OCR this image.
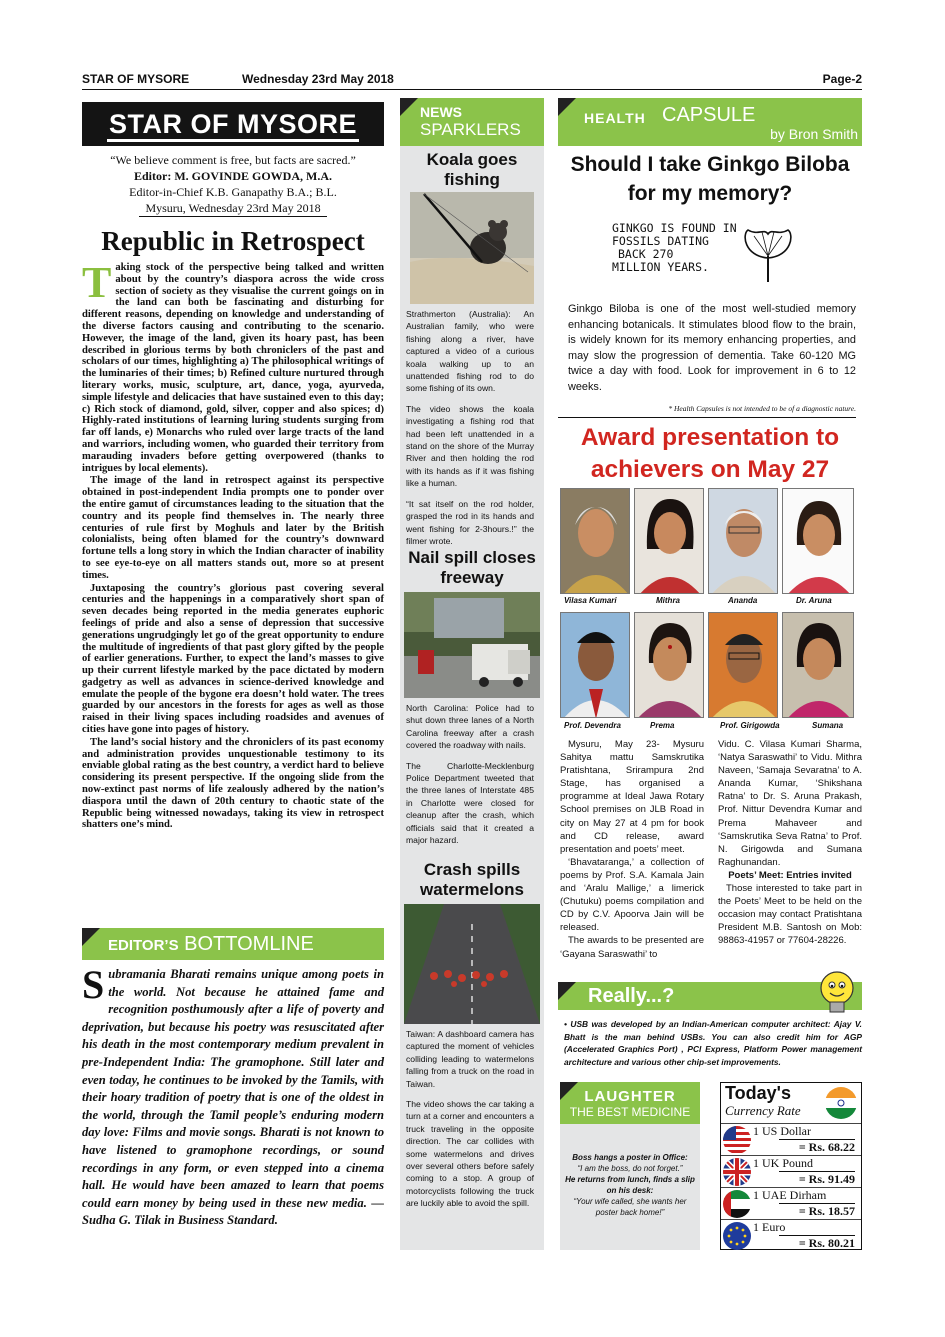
STAR OF MYSORE	Wednesday 23rd May 2018	Page-2
STAR OF MYSORE
“We believe comment is free, but facts are sacred.”
Editor: M. GOVINDE GOWDA, M.A.
Editor-in-Chief K.B. Ganapathy B.A.; B.L.
Mysuru, Wednesday 23rd May 2018
Republic in Retrospect

Taking stock of the perspective being talked and written about by the country’s diaspora across the wide cross section of society as they visualise the current goings on in the land can both be fascinating and disturbing for different reasons, depending on knowledge and understanding of the diverse factors causing and contributing to the scenario. However, the image of the land, given its hoary past, has been described in glorious terms by both chroniclers of the past and scholars of our times, highlighting a) The philosophical writings of the luminaries of their times; b) Refined culture nurtured through literary works, music, sculpture, art, dance, yoga, ayurveda, simple lifestyle and delicacies that have sustained even to this day; c) Rich stock of diamond, gold, silver, copper and also spices; d) Highly-rated institutions of learning luring students surging from far off lands, e) Monarchs who ruled over large tracts of the land and warriors, including women, who guarded their territory from marauding invaders before getting overpowered (thanks to intrigues by local elements).

The image of the land in retrospect against its perspective obtained in post-independent India prompts one to ponder over the entire gamut of circumstances leading to the situation that the country and its people find themselves in. The nearly three centuries of rule first by Moghuls and later by the British colonialists, being often blamed for the country’s downward fortune tells a long story in which the Indian character of inability to see eye-to-eye on all matters stands out, more so at present times.

Juxtaposing the country’s glorious past covering several centuries and the happenings in a comparatively short span of seven decades being reported in the media generates euphoric feelings of pride and also a sense of depression that successive generations ungrudgingly let go of the great opportunity to endure the multitude of ingredients of that past glory gifted by the people of earlier generations. Further, to expect the land’s masses to give up their current lifestyle marked by the pace dictated by modern gadgetry as well as advances in science-derived knowledge and emulate the people of the bygone era doesn’t hold water. The trees guarded by our ancestors in the forests for ages as well as those raised in their living spaces including roadsides and avenues of cities have gone into pages of history.

The land’s social history and the chroniclers of its past economy and administration provides unquestionable testimony to its enviable global rating as the best country, a verdict hard to believe considering its present perspective. If the ongoing slide from the now-extinct past norms of life zealously adhered by the nation’s diaspora until the dawn of 20th century to chaotic state of the Republic being witnessed nowadays, taking its view in retrospect shatters one’s mind.

EDITOR’S BOTTOMLINE
Subramania Bharati remains unique among poets in the world. Not because he attained fame and recognition posthumously after a life of poverty and deprivation, but because his poetry was resuscitated after his death in the most contemporary medium prevalent in pre-Independent India: The gramophone. Still later and even today, he continues to be invoked by the Tamils, with their hoary tradition of poetry that is one of the oldest in the world, through the Tamil people’s enduring modern day love: Films and movie songs. Bharati is not known to have listened to gramophone recordings, or sound recordings in any form, or even stepped into a cinema hall. He would have been amazed to learn that poems could earn money by being used in these new media. — Sudha G. Tilak in Business Standard.
NEWS
SPARKLERS
Koala goes fishing

Strathmerton (Australia): An Australian family, who were fishing along a river, have captured a video of a curious koala walking up to an unattended fishing rod to do some fishing of its own.

The video shows the koala investigating a fishing rod that had been left unattended in a stand on the shore of the Murray River and then holding the rod with its hands as if it was fishing like a human.

“It sat itself on the rod holder, grasped the rod in its hands and went fishing for 2-3hours.!” the filmer wrote.

Nail spill closes freeway

North Carolina: Police had to shut down three lanes of a North Carolina freeway after a crash covered the roadway with nails.

The Charlotte-Mecklenburg Police Department tweeted that the three lanes of Interstate 485 in Charlotte were closed for cleanup after the crash, which officials said that it created a major hazard.

Crash spills watermelons

Taiwan: A dashboard camera has captured the moment of vehicles colliding leading to watermelons falling from a truck on the road in Taiwan.

The video shows the car taking a turn at a corner and encounters a truck traveling in the opposite direction. The car collides with some watermelons and drives over several others before safely coming to a stop. A group of motorcyclists following the truck are luckily able to avoid the spill.

HEALTH CAPSULE
by Bron Smith
Should I take Ginkgo Biloba for my memory?
GINKGO IS FOUND IN
FOSSILS DATING
BACK 270
MILLION YEARS.
Ginkgo Biloba is one of the most well-studied memory enhancing botanicals. It stimulates blood flow to the brain, is widely known for its memory enhancing properties, and may slow the progression of dementia. Take 60-120 MG twice a day with food. Look for improvement in 6 to 12 weeks.
* Health Capsules is not intended to be of a diagnostic nature.
Award presentation to
achievers on May 27
Vilasa Kumari	Mithra	Ananda	Dr. Aruna
Prof. Devendra	Prema	Prof. Girigowda	Sumana

Mysuru, May 23- Mysuru Sahitya mattu Samskrutika Pratishtana, Srirampura 2nd Stage, has organised a programme at Ideal Jawa Rotary School premises on JLB Road in city on May 27 at 4 pm for book and CD release, award presentation and poets’ meet.

‘Bhavataranga,’ a collection of poems by Prof. S.A. Kamala Jain and ‘Aralu Mallige,’ a limerick (Chutuku) poems compilation and CD by C.V. Apoorva Jain will be released.

The awards to be presented are ‘Gayana Saraswathi’ to

Vidu. C. Vilasa Kumari Sharma, ‘Natya Saraswathi’ to Vidu. Mithra Naveen, ‘Samaja Sevaratna’ to A. Ananda Kumar, ‘Shikshana Ratna’ to Dr. S. Aruna Prakash, Prof. Nittur Devendra Kumar and Prema Mahaveer and ‘Samskrutika Seva Ratna’ to Prof. N. Girigowda and Sumana Raghunandan.

Poets’ Meet: Entries invited

Those interested to take part in the Poets’ Meet to be held on the occasion may contact Pratishtana President M.B. Santosh on Mob: 98863-41957 or 77604-28226.

Really...?
• USB was developed by an Indian-American computer architect: Ajay V. Bhatt is the man behind USBs. You can also credit him for AGP (Accelerated Graphics Port) , PCI Express, Platform Power management architecture and various other chip-set improvements.
LAUGHTER
THE BEST MEDICINE
Boss hangs a poster in Office:
“I am the boss, do not forget.”
He returns from lunch, finds a slip on his desk:
“Your wife called, she wants her poster back home!”
Today's
Currency Rate
1 US Dollar
= Rs. 68.22
1 UK Pound
= Rs. 91.49
1 UAE Dirham
= Rs. 18.57
1 Euro
= Rs. 80.21
